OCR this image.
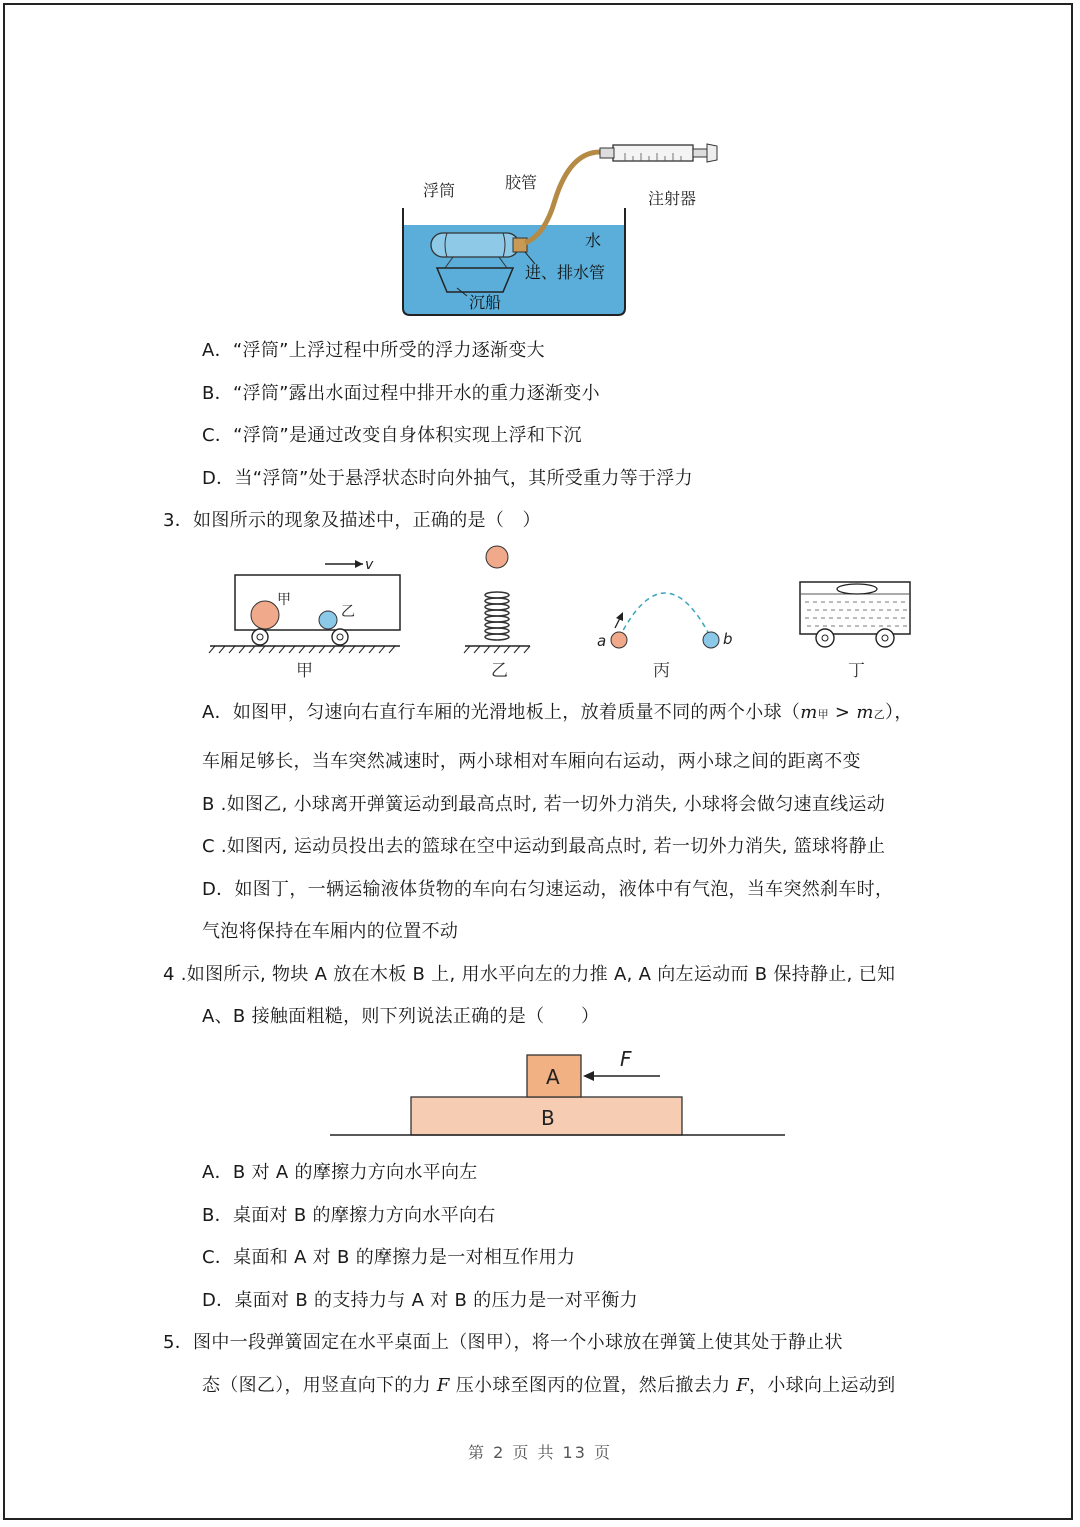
浮筒	胶管
注射器
水
进、排水管
沉船
A．“浮筒”上浮过程中所受的浮力逐渐变大
B．“浮筒”露出水面过程中排开水的重力逐渐变小
C．“浮筒”是通过改变自身体积实现上浮和下沉
D．当“浮筒”处于悬浮状态时向外抽气，其所受重力等于浮力
3．如图所示的现象及描述中，正确的是（　）
v
甲
乙
甲	乙
a	b
丙	丁
A．如图甲，匀速向右直行车厢的光滑地板上，放着质量不同的两个小球（m甲 > m乙），
车厢足够长，当车突然减速时，两小球相对车厢向右运动，两小球之间的距离不变
B .如图乙, 小球离开弹簧运动到最高点时, 若一切外力消失, 小球将会做匀速直线运动
C .如图丙, 运动员投出去的篮球在空中运动到最高点时, 若一切外力消失, 篮球将静止
D．如图丁，一辆运输液体货物的车向右匀速运动，液体中有气泡，当车突然刹车时，
气泡将保持在车厢内的位置不动
4 .如图所示, 物块 A 放在木板 B 上, 用水平向左的力推 A, A 向左运动而 B 保持静止, 已知
A、B 接触面粗糙，则下列说法正确的是（　　）
A
B
F
A．B 对 A 的摩擦力方向水平向左
B．桌面对 B 的摩擦力方向水平向右
C．桌面和 A 对 B 的摩擦力是一对相互作用力
D．桌面对 B 的支持力与 A 对 B 的压力是一对平衡力
5．图中一段弹簧固定在水平桌面上（图甲），将一个小球放在弹簧上使其处于静止状
态（图乙），用竖直向下的力 F 压小球至图丙的位置，然后撤去力 F，小球向上运动到
第 2 页 共 13 页
